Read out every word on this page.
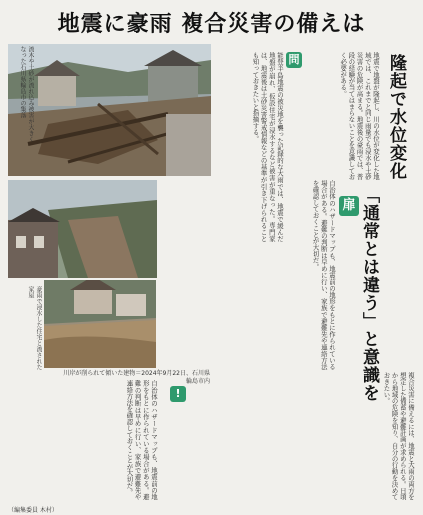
地震に豪雨 複合災害の備えは
流木や土砂が流れ込み被害が大きくなった石川県輪島市の集落
豪雨で浸水した住宅と流された家屋
川岸が削られて傾いた建物＝2024年9月22日、石川県輪島市内
隆起で水位変化
「通常とは違う」と意識を
扉
問
!
地震で地盤が隆起し、川の水位が変化した地域では、これまでと同じ雨量でも浸水や土砂災害の危険が高まる。地震後の豪雨では、普段の経験が当てはまらないことを意識しておく必要がある。
能登半島地震の被災地を襲った記録的な大雨では、地震で緩んだ地盤が崩れ、仮設住宅が浸水するなど被害が重なった。専門家は、地震後は土砂災害警戒情報などの基準が引き下げられることも知っておきたいと指摘する。
自治体のハザードマップも、地震前の地形をもとに作られている場合がある。避難の判断は早めに行い、家族で避難先や連絡方法を確認しておくことが大切だ。
複合災害に備えるには、地震と大雨の両方を想定した備蓄や避難計画が求められる。日頃から地域の危険を知り、自分の行動を決めておきたい。
自治体のハザードマップも、地震前の地形をもとに作られている場合がある。避難の判断は早めに行い、家族で避難先や連絡方法を確認しておくことが大切だ。
（編集委員 木村）
